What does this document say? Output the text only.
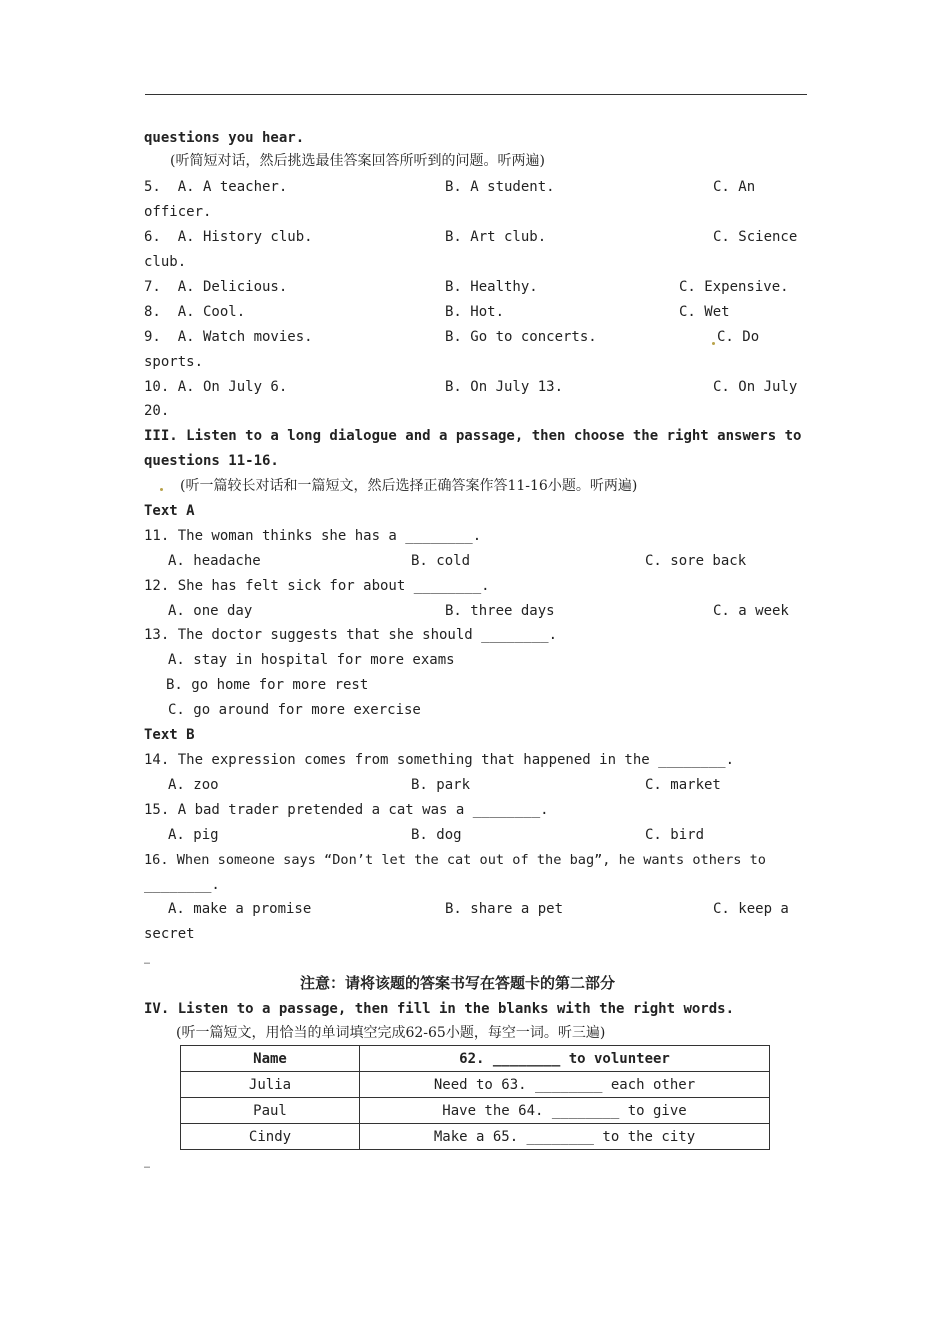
questions you hear.
(听简短对话，然后挑选最佳答案回答所听到的问题。听两遍)
5.  A. A teacher.	B. A student.	C. An
officer.
6.  A. History club.	B. Art club.	C. Science
club.
7.  A. Delicious.	B. Healthy.	C. Expensive.
8.  A. Cool.	B. Hot.	C. Wet
9.  A. Watch movies.	B. Go to concerts.	C. Do
sports.
10. A. On July 6.	B. On July 13.	C. On July
20.
III. Listen to a long dialogue and a passage, then choose the right answers to
questions 11-16.
(听一篇较长对话和一篇短文，然后选择正确答案作答11-16小题。听两遍)
Text A
11. The woman thinks she has a ________.
A. headache	B. cold	C. sore back
12. She has felt sick for about ________.
A. one day	B. three days	C. a week
13. The doctor suggests that she should ________.
A. stay in hospital for more exams
B. go home for more rest
C. go around for more exercise
Text B
14. The expression comes from something that happened in the ________.
A. zoo	B. park	C. market
15. A bad trader pretended a cat was a ________.
A. pig	B. dog	C. bird
16. When someone says “Don’t let the cat out of the bag”, he wants others to
________.
A. make a promise	B. share a pet	C. keep a
secret
…
注意：请将该题的答案书写在答题卡的第二部分
IV. Listen to a passage, then fill in the blanks with the right words.
(听一篇短文，用恰当的单词填空完成62-65小题，每空一词。听三遍)
Name	62. ________ to volunteer
Julia	Need to 63. ________ each other
Paul	Have the 64. ________ to give
Cindy	Make a 65. ________ to the city
…
